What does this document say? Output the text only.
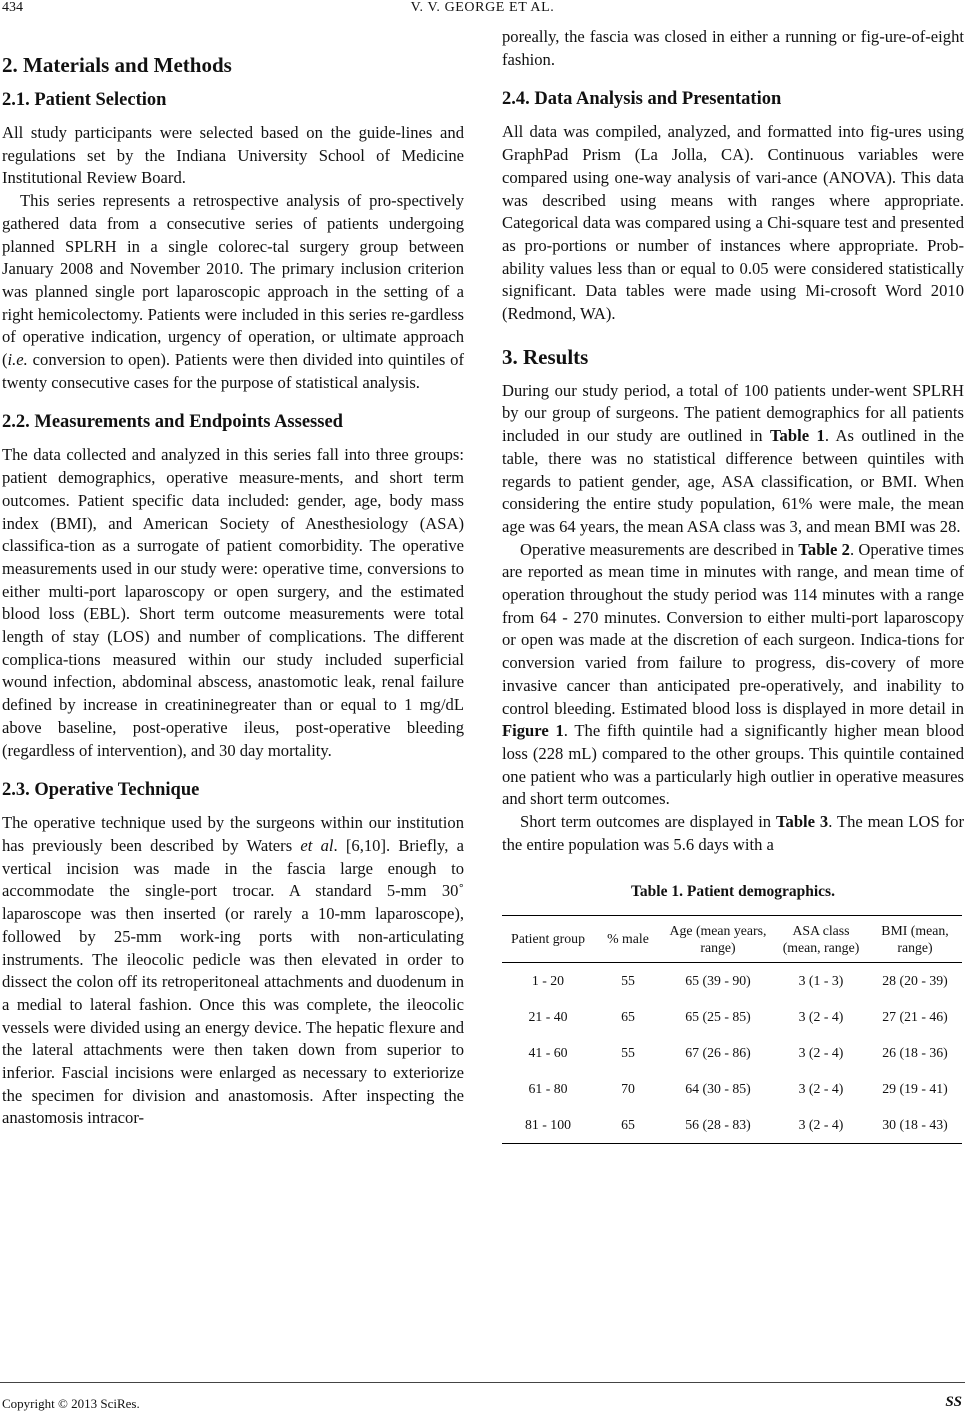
434	V. V. GEORGE ET AL.
2. Materials and Methods
2.1. Patient Selection

All study participants were selected based on the guide-lines and regulations set by the Indiana University School of Medicine Institutional Review Board.

This series represents a retrospective analysis of pro-spectively gathered data from a consecutive series of patients undergoing planned SPLRH in a single colorec-tal surgery group between January 2008 and November 2010. The primary inclusion criterion was planned single port laparoscopic approach in the setting of a right hemicolectomy. Patients were included in this series re-gardless of operative indication, urgency of operation, or ultimate approach (i.e. conversion to open). Patients were then divided into quintiles of twenty consecutive cases for the purpose of statistical analysis.

2.2. Measurements and Endpoints Assessed

The data collected and analyzed in this series fall into three groups: patient demographics, operative measure-ments, and short term outcomes. Patient specific data included: gender, age, body mass index (BMI), and American Society of Anesthesiology (ASA) classifica-tion as a surrogate of patient comorbidity. The operative measurements used in our study were: operative time, conversions to either multi-port laparoscopy or open surgery, and the estimated blood loss (EBL). Short term outcome measurements were total length of stay (LOS) and number of complications. The different complica-tions measured within our study included superficial wound infection, abdominal abscess, anastomotic leak, renal failure defined by increase in creatininegreater than or equal to 1 mg/dL above baseline, post-operative ileus, post-operative bleeding (regardless of intervention), and 30 day mortality.

2.3. Operative Technique

The operative technique used by the surgeons within our institution has previously been described by Waters et al. [6,10]. Briefly, a vertical incision was made in the fascia large enough to accommodate the single-port trocar. A standard 5-mm 30˚ laparoscope was then inserted (or rarely a 10-mm laparoscope), followed by 25-mm work-ing ports with non-articulating instruments. The ileocolic pedicle was then elevated in order to dissect the colon off its retroperitoneal attachments and duodenum in a medial to lateral fashion. Once this was complete, the ileocolic vessels were divided using an energy device. The hepatic flexure and the lateral attachments were then taken down from superior to inferior. Fascial incisions were enlarged as necessary to exteriorize the specimen for division and anastomosis. After inspecting the anastomosis intracor-

poreally, the fascia was closed in either a running or fig-ure-of-eight fashion.

2.4. Data Analysis and Presentation

All data was compiled, analyzed, and formatted into fig-ures using GraphPad Prism (La Jolla, CA). Continuous variables were compared using one-way analysis of vari-ance (ANOVA). This data was described using means with ranges where appropriate. Categorical data was compared using a Chi-square test and presented as pro-portions or number of instances where appropriate. Prob-ability values less than or equal to 0.05 were considered statistically significant. Data tables were made using Mi-crosoft Word 2010 (Redmond, WA).

3. Results

During our study period, a total of 100 patients under-went SPLRH by our group of surgeons. The patient demographics for all patients included in our study are outlined in Table 1. As outlined in the table, there was no statistical difference between quintiles with regards to patient gender, age, ASA classification, or BMI. When considering the entire study population, 61% were male, the mean age was 64 years, the mean ASA class was 3, and mean BMI was 28.

Operative measurements are described in Table 2. Operative times are reported as mean time in minutes with range, and mean time of operation throughout the study period was 114 minutes with a range from 64 - 270 minutes. Conversion to either multi-port laparoscopy or open was made at the discretion of each surgeon. Indica-tions for conversion varied from failure to progress, dis-covery of more invasive cancer than anticipated pre-operatively, and inability to control bleeding. Estimated blood loss is displayed in more detail in Figure 1. The fifth quintile had a significantly higher mean blood loss (228 mL) compared to the other groups. This quintile contained one patient who was a particularly high outlier in operative measures and short term outcomes.

Short term outcomes are displayed in Table 3. The mean LOS for the entire population was 5.6 days with a

Table 1. Patient demographics.
Patient group	% male	Age (mean years, range)	ASA class (mean, range)	BMI (mean, range)
1 - 20	55	65 (39 - 90)	3 (1 - 3)	28 (20 - 39)
21 - 40	65	65 (25 - 85)	3 (2 - 4)	27 (21 - 46)
41 - 60	55	67 (26 - 86)	3 (2 - 4)	26 (18 - 36)
61 - 80	70	64 (30 - 85)	3 (2 - 4)	29 (19 - 41)
81 - 100	65	56 (28 - 83)	3 (2 - 4)	30 (18 - 43)
Copyright © 2013 SciRes.	SS
